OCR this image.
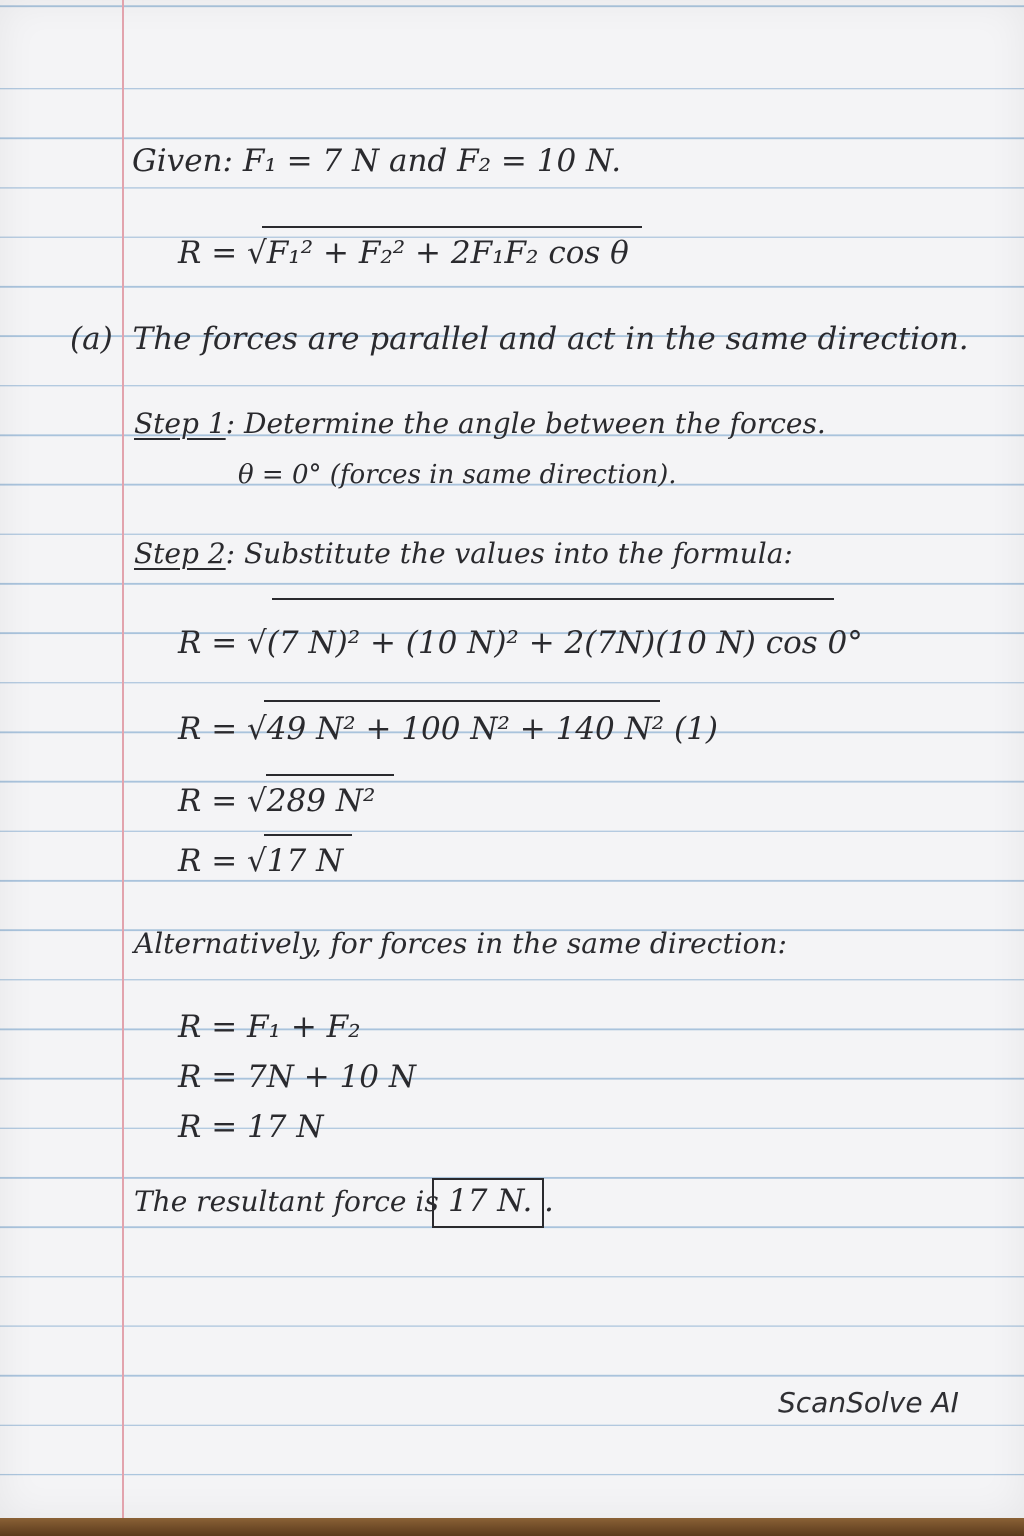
Given: F₁ = 7 N and F₂ = 10 N.
R = √F₁² + F₂² + 2F₁F₂ cos θ
(a) The forces are parallel and act in the same direction.
Step 1: Determine the angle between the forces.
θ = 0° (forces in same direction).
Step 2: Substitute the values into the formula:
R = √(7 N)² + (10 N)² + 2(7N)(10 N) cos 0°
R = √49 N² + 100 N² + 140 N² (1)
R = √289 N²
R = √17 N
Alternatively, for forces in the same direction:
R = F₁ + F₂
R = 7N + 10 N
R = 17 N
The resultant force is 17 N. .
ScanSolve AI
